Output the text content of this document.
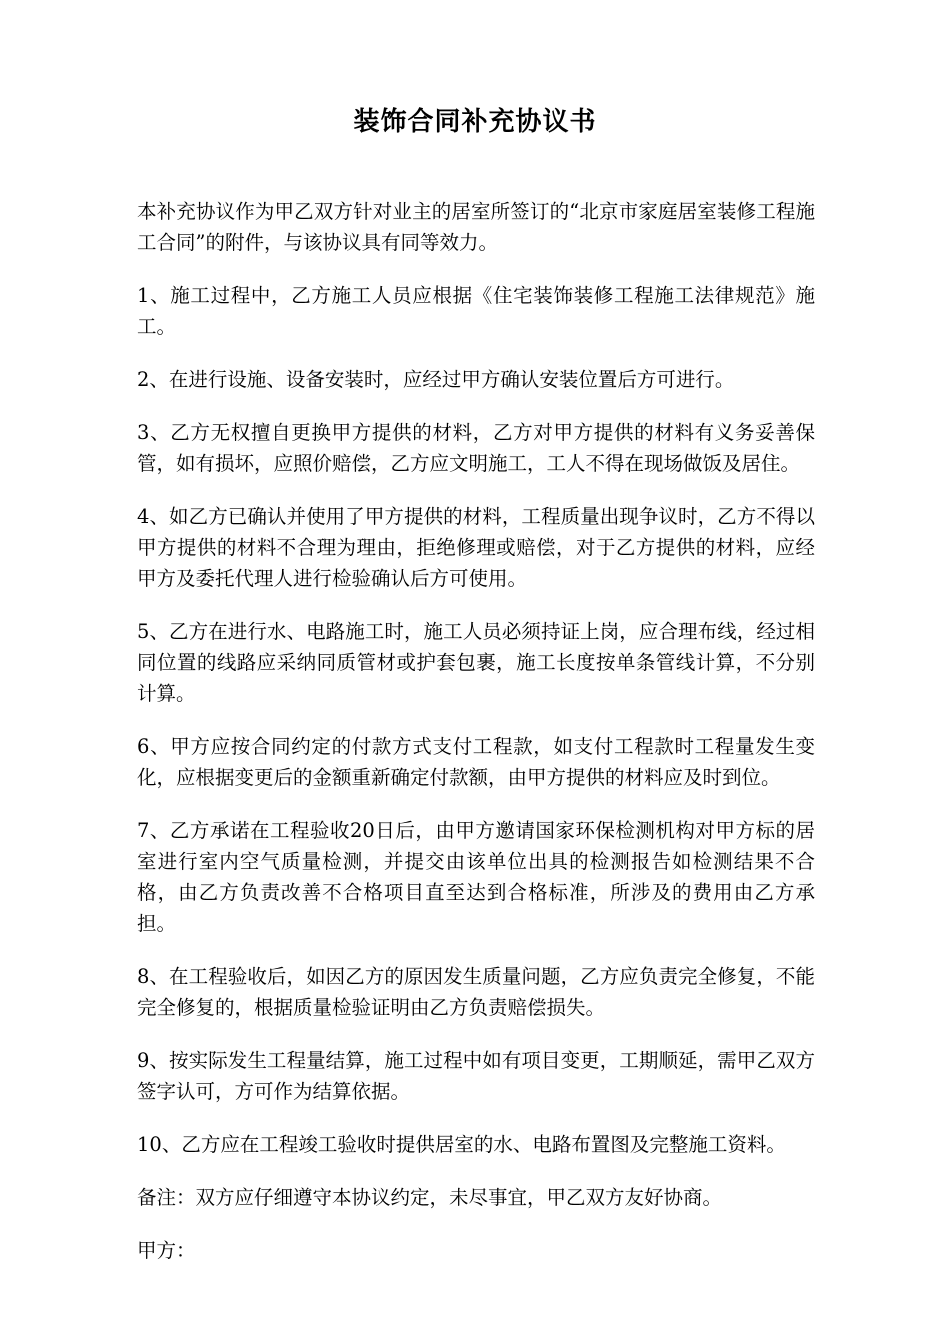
装饰合同补充协议书

本补充协议作为甲乙双方针对业主的居室所签订的“北京市家庭居室装修工程施工合同”的附件，与该协议具有同等效力。

1、施工过程中，乙方施工人员应根据《住宅装饰装修工程施工法律规范》施工。

2、在进行设施、设备安装时，应经过甲方确认安装位置后方可进行。

3、乙方无权擅自更换甲方提供的材料，乙方对甲方提供的材料有义务妥善保管，如有损坏，应照价赔偿，乙方应文明施工，工人不得在现场做饭及居住。

4、如乙方已确认并使用了甲方提供的材料，工程质量出现争议时，乙方不得以甲方提供的材料不合理为理由，拒绝修理或赔偿，对于乙方提供的材料，应经甲方及委托代理人进行检验确认后方可使用。

5、乙方在进行水、电路施工时，施工人员必须持证上岗，应合理布线，经过相同位置的线路应采纳同质管材或护套包裹，施工长度按单条管线计算，不分别计算。

6、甲方应按合同约定的付款方式支付工程款，如支付工程款时工程量发生变化，应根据变更后的金额重新确定付款额，由甲方提供的材料应及时到位。

7、乙方承诺在工程验收20日后，由甲方邀请国家环保检测机构对甲方标的居室进行室内空气质量检测，并提交由该单位出具的检测报告如检测结果不合格，由乙方负责改善不合格项目直至达到合格标准，所涉及的费用由乙方承担。

8、在工程验收后，如因乙方的原因发生质量问题，乙方应负责完全修复，不能完全修复的，根据质量检验证明由乙方负责赔偿损失。

9、按实际发生工程量结算，施工过程中如有项目变更，工期顺延，需甲乙双方签字认可，方可作为结算依据。

10、乙方应在工程竣工验收时提供居室的水、电路布置图及完整施工资料。

备注：双方应仔细遵守本协议约定，未尽事宜，甲乙双方友好协商。

甲方：
